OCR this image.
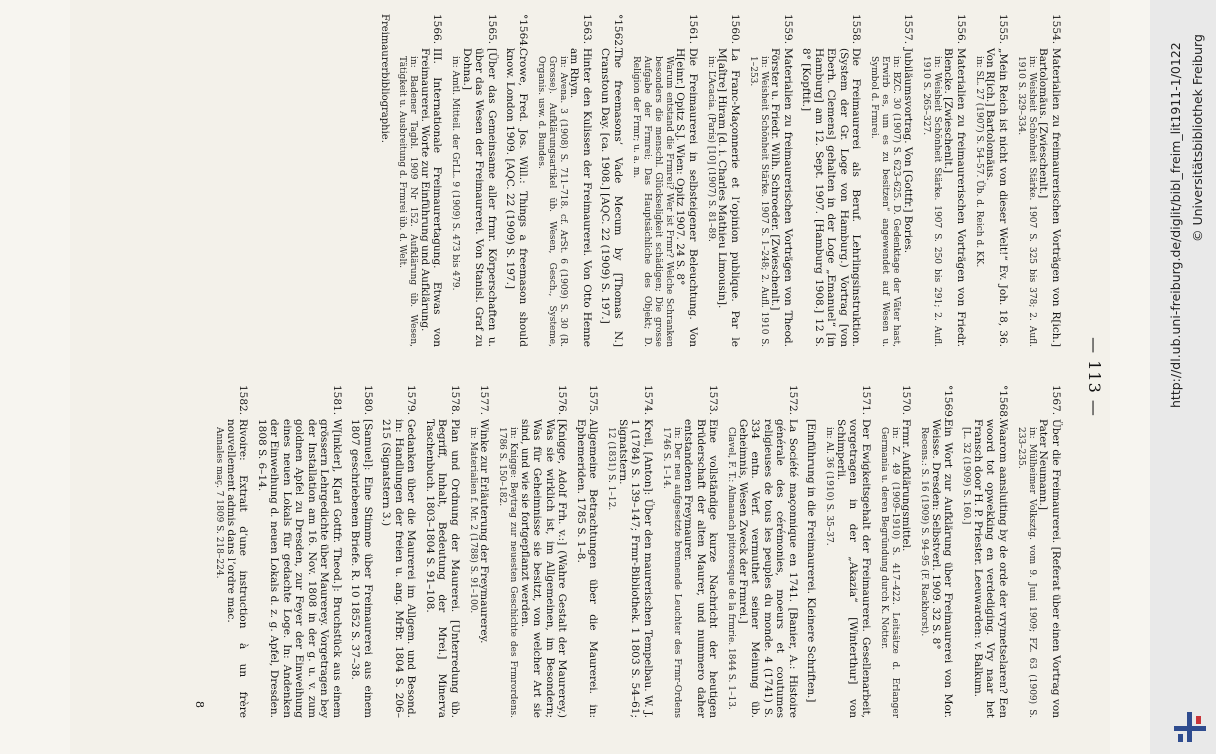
— 113 —
1554.
Materialien zu freimaurerischen Vorträgen von R[ich.] Bartolomäus. [Zwieschenlt.]
in: Weisheit Schönheit Stärke. 1907 S. 325 bis 378; 2. Aufl. 1910 S. 329–334.
1555.
„Mein Reich ist nicht von dieser Welt!“ Ev. Joh. 18, 36. Von R[ich.] Bartolomäus.
in: SL. 27 (1907) S. 54–57. Üb. d. Reich d. KK.
1556.
Materialien zu freimaurerischen Vorträgen von Friedr. Blencke. [Zwieschenlt.]
in: Weisheit Schönheit Stärke. 1907 S. 250 bis 291; 2. Aufl. 1910 S. 265–327.
1557.
Jubiläumsvortrag. Von [Gottfr.] Bories.
in: BZC. 30 (1907) S. 623–625. D. Gedenktage der Väter hast, Erwirb es, um es zu besitzen“ angewendet auf Wesen u. Symbol d. Frmrei.
1558.
Die Freimaurerei als Beruf. Lehrlingsinstruktion. (System der Gr. Loge von Hamburg.) Vortrag [von Eberh. Clemens] gehalten in der Loge „Emanuel“ [in Hamburg] am 12. Sept. 1907. [Hamburg 1908.] 12 S. 8° [Kopftit.]
1559.
Materialien zu freimaurerischen Vorträgen von Theod. Förster u. Friedr. Wilh. Schroeder. [Zwieschenlt.]
in: Weisheit Schönheit Stärke. 1907 S. 1–248; 2. Aufl. 1910 S. 1–253.
1560.
La Franc-Maçonnerie et l’opinion publique. Par le M[aître] Hiram [d. i. Charles Mathieu Limousin].
in: L’Acacia. (Paris) [10] (1907) S. 81–89.
1561.
Die Freimaurerei in selbsteigener Beleuchtung. Von H[einr.] Opitz S.J. Wien: Opitz 1907. 24 S. 8°
Warum entstand die Frmrei? Wer ist Frmr? Welche Schranken besonders die menschl. Glückseligkeit schädigen; Die grosse Aufgabe der Frmrei; Das Hauptsächliche des Objekt; D. Religion der Frmr; u. a. m.
°1562.
The freemasons’ Vade Mecum by [Thomas N.] Cranstoun Day. [ca. 1908.] [AQC. 22 (1909) S. 197.]
1563.
Hinter den Kulissen der Freimaurerei. Von Otto Henne am Rhyn.
in: Avena. 3 (1908) S. 711–718. cf. ArSt. 6 (1909) S. 30 (R. Grosse). Aufklärungsartikel üb. Wesen, Gesch., Systeme, Organis. usw. d. Bundes.
°1564.
Crowe, Fred. Jos. Will.: Things a freemason should know. London 1909. [AQC. 22 (1909) S. 197.]
1565.
[Über das Gemeinsame aller frmr. Körperschaften u. über das Wesen der Freimaurerei. Von Stanisl. Graf zu Dohna.]
in: Amtl. Mitteil. der GrLL. 9 (1909) S. 473 bis 479.
1566.
III. Internationale Freimaurertagung. Etwas von Freimaurerei. Worte zur Einführung und Aufklärung.
in: Badener Tagbl. 1909 Nr 152. Aufklärung üb. Wesen, Tätigkeit u. Ausbreitung d. Frmrei üb. d. Welt.
Freimaurerbibliographie.
1567.
Über die Freimaurerei. [Referat über einen Vortrag von Pater Neumann.]
in: Mülheimer Volksztg. vom 9. Juni 1909; FZ. 63 (1909) S. 233–235.
°1568.
Waarom aansluiting by de orde der vrymetselaren? Een woord tot opwekking en verdediging. Vry naar het Fransch door H. P. Priester. Leeuwarden: v. Balkum.
[L. 32 (1909) S. 160.]
°1569.
Ein Wort zur Aufklärung über Freimaurerei von Mor. Weisse. Dresden: Selbstverl. 1909. 32 S. 8°
Recens.: S. 16 (1909) S. 94–95 (F. Rackhorst).
1570.
Frmr. Aufklärungsmittel.
in: Z. 49 (1909–1910) S. 417–422. Leitsätze d. Erlanger Germania u. deren Begründung durch K. Notter.
1571.
Der Ewigkeitsgehalt der Freimaurerei. Gesellenarbeit, vorgetragen in der „Akazia“ [Winterthur] von Schimperli.
in: Al. 36 (1910) S. 35–37.
[Einführung in die Freimaurerei. Kleinere Schriften.]
1572.
La Société maçonnique en 1741. [Banier, A.: Histoire générale des cérémonies, moeurs et coutumes religieuses de tous les peuples du monde. 4 (1741) S. 334 entn. Verf. vermuthet seiner Meinung üb. Geheimnis, Wesen Zweck der Frmrei.]
Clavel, F. T.: Almanach pittoresque de la frmrie. 1844 S. 1–13.
1573.
Eine vollständige kurze Nachricht der heutigen Brüderschaft der alten Maurer, und nummero daher entstandenen Freymaurer.
in: Der neu aufgesetzte brennende Leuchter des Frmr-Ordens 1746 S. 1–14.
1574.
Kreil, [Anton]: Über den maurerischen Tempelbau. W. J. 1 (1784) S. 139–147; Frmr-Bibliothek. 1 1803 S. 54–61; Signatstern.
12 (1831) S. 1–12.
1575.
Allgemeine Betrachtungen über die Maurerei. in: Ephemeriden. 1785 S. 1–8.
1576.
[Knigge, Adolf Frh. v.:] (Wahre Gestalt der Maurerey.) Was sie wirklich ist, im Allgemeinen, im Besondern; Was für Geheimnisse sie besitzt, von welcher Art sie sind, und wie sie fortgepflanzt werden.
in: Knigge: Beytrag zur neuesten Geschichte des Frmrordens. 1786 S. 150–182.
1577.
Winke zur Erläuterung der Freymaurerey.
in: Materialien f. Mr. 2 (1788) S. 91–100.
1578.
Plan und Ordnung der Maurerei. [Unterredung üb. Begriff, Inhalt, Bedeutung der Mrei.] Minerva Taschenbuch. 1803–1804 S. 91–108.
1579.
Gedanken über die Maurerei im Allgem. und Besond. in: Handlungen der freien u. ang. MrBr. 1804 S. 206–215 (Signatstern 3.)
1580.
[Samuel]: Eine Stimme über Freimaurerei aus einem 1807 geschriebenen Briefe. R. 10 1852 S. 37–38.
1581.
W[inkler], K[arl Gottfr. Theod.]: Bruchstück aus einem grössern Lehrgedichte über Maurerey. Vorgetragen bey der Installation am 16. Nov. 1808 in der g. u. v. zum goldnen Apfel zu Dresden, zur Feyer der Einweihung eines neuen Lokals für gedachte Loge. In: Andenken der Einweihung d. neuen Lokals d. z. g. Apfel, Dresden. 1808 S. 6–14.
1582.
Rivoire: Extrait d’une instruction à un frère nouvellement admis dans l’ordre mac.
Annales maç. 7 1809 S. 218–224.
8
http://dl.ub.uni-freiburg.de/diglit/bibl_freim_lit1911-1/0122 © Universitätsbibliothek Freiburg
